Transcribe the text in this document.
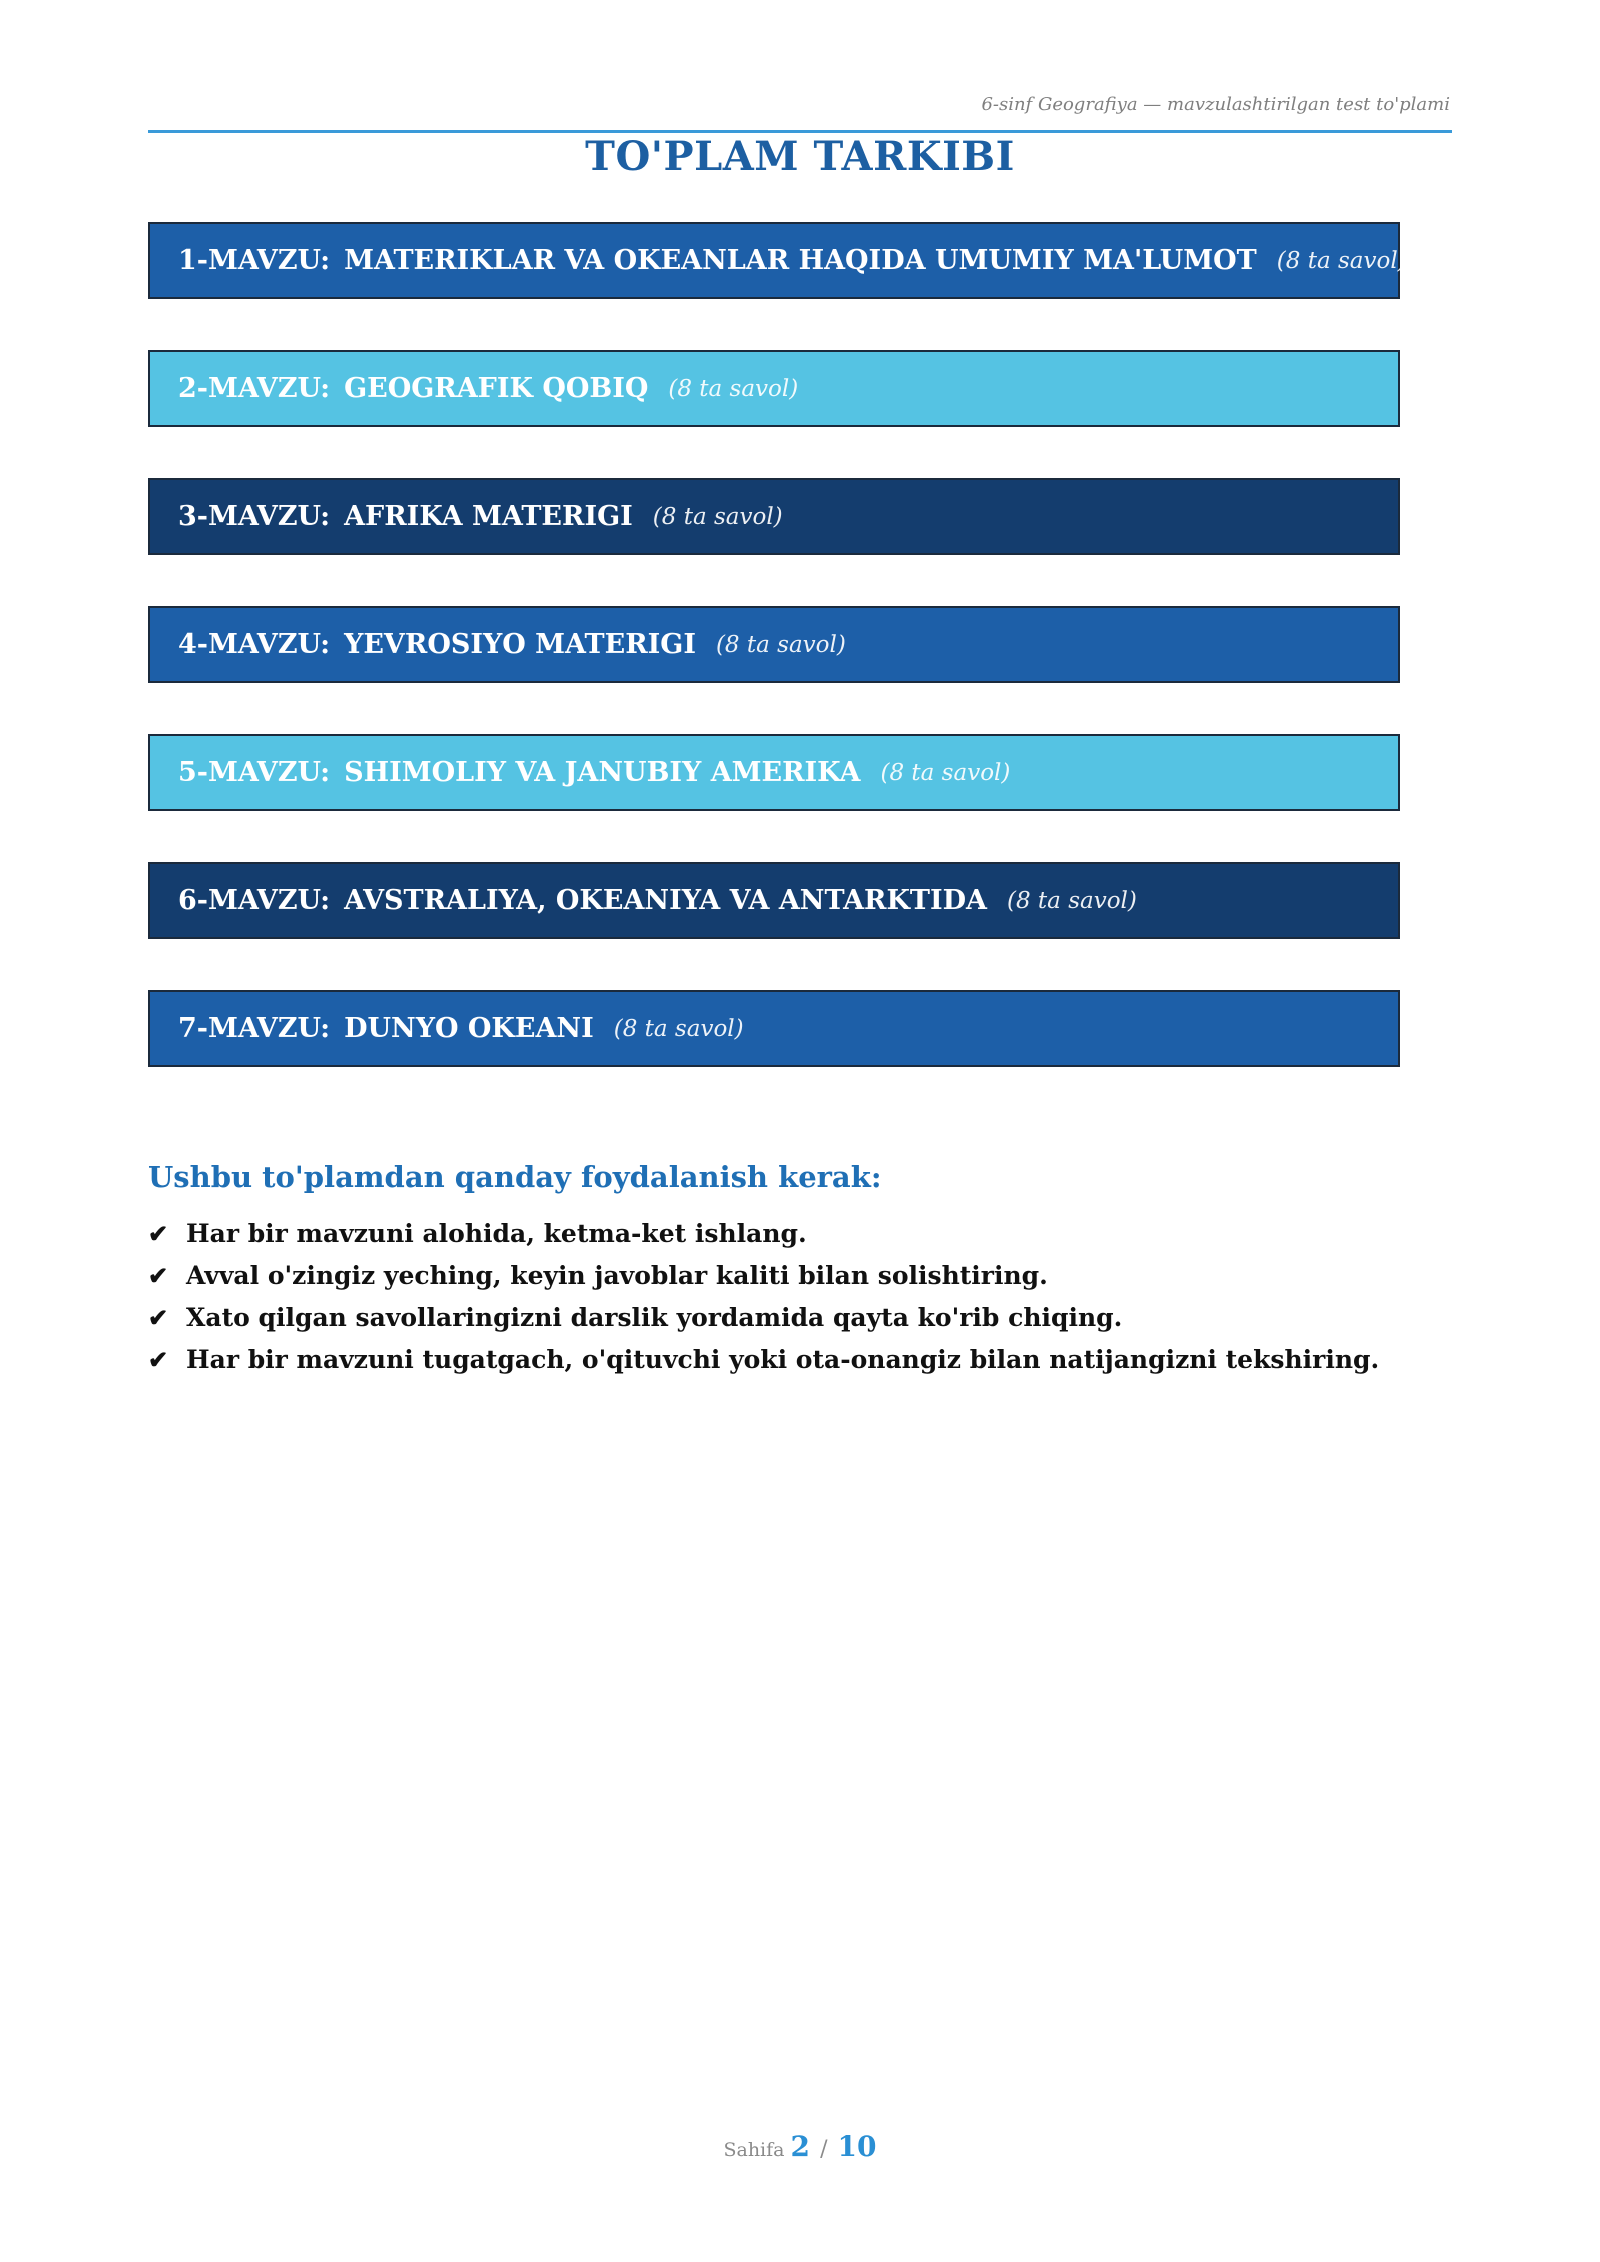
6-sinf Geografiya — mavzulashtirilgan test to'plami
TO'PLAM TARKIBI
1-MAVZU: MATERIKLAR VA OKEANLAR HAQIDA UMUMIY MA'LUMOT (8 ta savol)
2-MAVZU: GEOGRAFIK QOBIQ (8 ta savol)
3-MAVZU: AFRIKA MATERIGI (8 ta savol)
4-MAVZU: YEVROSIYO MATERIGI (8 ta savol)
5-MAVZU: SHIMOLIY VA JANUBIY AMERIKA (8 ta savol)
6-MAVZU: AVSTRALIYA, OKEANIYA VA ANTARKTIDA (8 ta savol)
7-MAVZU: DUNYO OKEANI (8 ta savol)
Ushbu to'plamdan qanday foydalanish kerak:
✔ Har bir mavzuni alohida, ketma-ket ishlang.
✔ Avval o'zingiz yeching, keyin javoblar kaliti bilan solishtiring.
✔ Xato qilgan savollaringizni darslik yordamida qayta ko'rib chiqing.
✔ Har bir mavzuni tugatgach, o'qituvchi yoki ota-onangiz bilan natijangizni tekshiring.
Sahifa 2 / 10
